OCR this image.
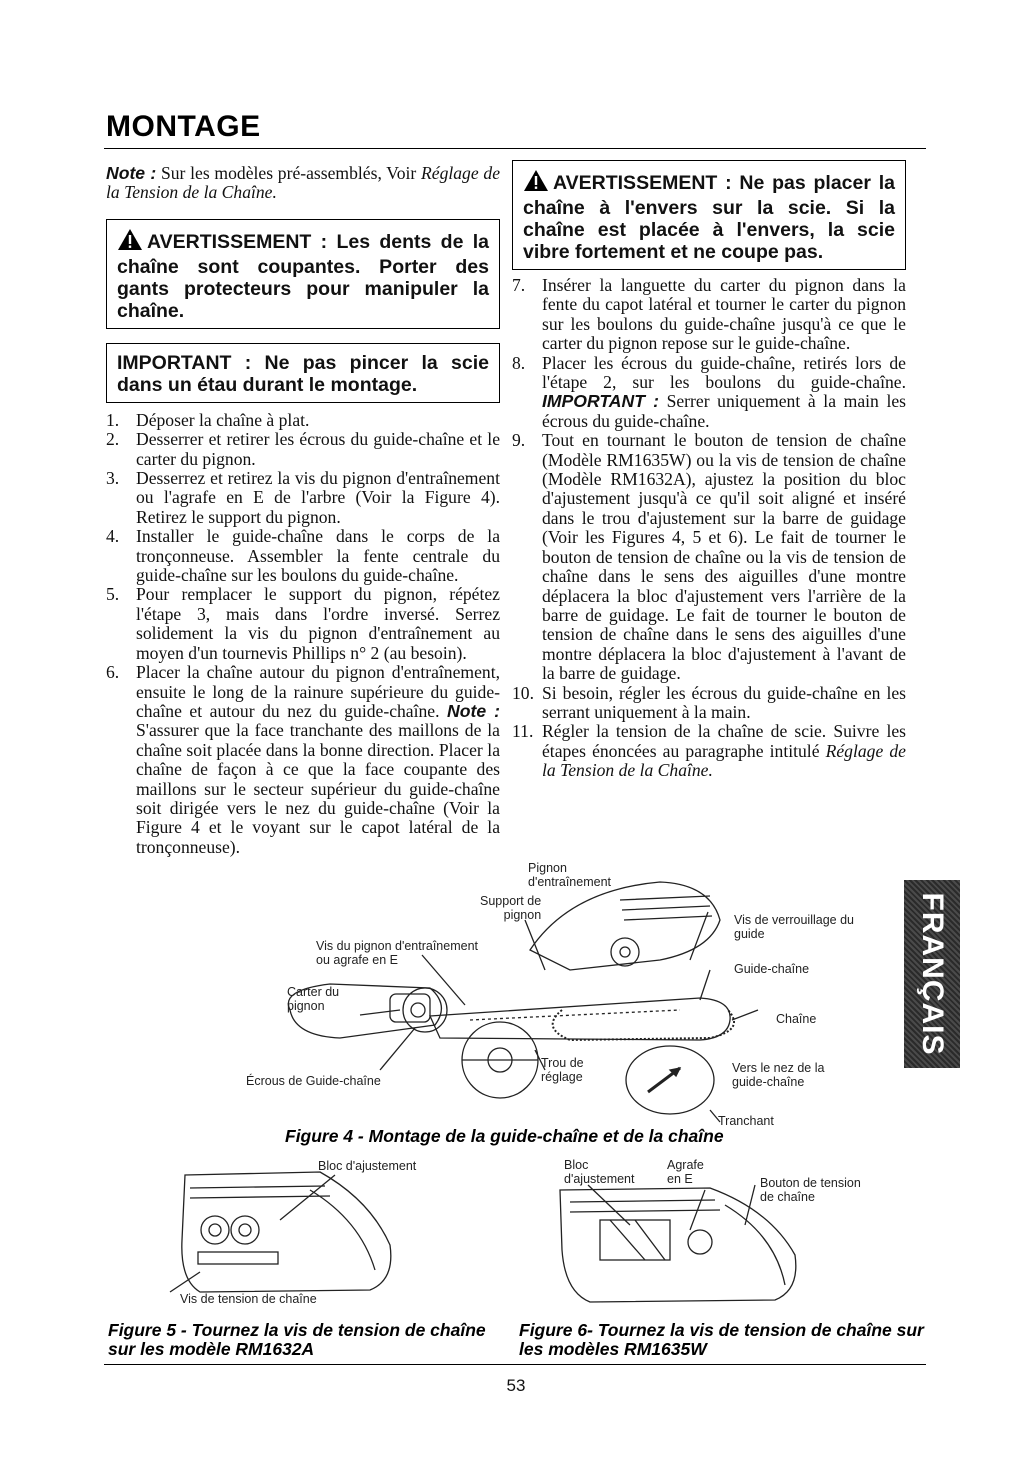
MONTAGE

Note : Sur les modèles pré-assemblés, Voir Réglage de la Tension de la Chaîne.

AVERTISSEMENT : Les dents de la chaîne sont coupantes. Porter des gants protecteurs pour manipuler la chaîne.
IMPORTANT : Ne pas pincer la scie dans un étau durant le montage.
1. Déposer la chaîne à plat.
2. Desserrer et retirer les écrous du guide-chaîne et le carter du pignon.
3. Desserrez et retirez la vis du pignon d'entraînement ou l'agrafe en E de l'arbre (Voir la Figure 4). Retirez le support du pignon.
4. Installer le guide-chaîne dans le corps de la tronçonneuse. Assembler la fente centrale du guide-chaîne sur les boulons du guide-chaîne.
5. Pour remplacer le support du pignon, répétez l'étape 3, mais dans l'ordre inversé. Serrez solidement la vis du pignon d'entraînement au moyen d'un tournevis Phillips n° 2 (au besoin).
6. Placer la chaîne autour du pignon d'entraînement, ensuite le long de la rainure supérieure du guide-chaîne et autour du nez du guide-chaîne. Note : S'assurer que la face tranchante des maillons de la chaîne soit placée dans la bonne direction. Placer la chaîne de façon à ce que la face coupante des maillons sur le secteur supérieur du guide-chaîne soit dirigée vers le nez du guide-chaîne (Voir la Figure 4 et le voyant sur le capot latéral de la tronçonneuse).
AVERTISSEMENT : Ne pas placer la chaîne à l'envers sur la scie. Si la chaîne est placée à l'envers, la scie vibre fortement et ne coupe pas.
7. Insérer la languette du carter du pignon dans la fente du capot latéral et tourner le carter du pignon sur les boulons du guide-chaîne jusqu'à ce que le carter du pignon repose sur le guide-chaîne.
8. Placer les écrous du guide-chaîne, retirés lors de l'étape 2, sur les boulons du guide-chaîne. IMPORTANT : Serrer uniquement à la main les écrous du guide-chaîne.
9. Tout en tournant le bouton de tension de chaîne (Modèle RM1635W) ou la vis de tension de chaîne (Modèle RM1632A), ajustez la position du bloc d'ajustement jusqu'à ce qu'il soit aligné et inséré dans le trou d'ajustement sur la barre de guidage (Voir les Figures 4, 5 et 6). Le fait de tourner le bouton de tension de chaîne ou la vis de tension de chaîne dans le sens des aiguilles d'une montre déplacera la bloc d'ajustement vers l'arrière de la barre de guidage. Le fait de tourner le bouton de tension de chaîne dans le sens des aiguilles d'une montre déplacera la bloc d'ajustement à l'avant de la barre de guidage.
10. Si besoin, régler les écrous du guide-chaîne en les serrant uniquement à la main.
11. Régler la tension de la chaîne de scie. Suivre les étapes énoncées au paragraphe intitulé Réglage de la Tension de la Chaîne.
Pignon
d'entraînement
Support de
pignon
Vis du pignon d'entraînement
ou agrafe en E
Carter du
pignon
Écrous de Guide-chaîne
Trou de
réglage
Vis de verrouillage du
guide
Guide-chaîne
Chaîne
Vers le nez de la
guide-chaîne
Tranchant
Figure 4 - Montage de la guide-chaîne et de la chaîne
Bloc d'ajustement
Vis de tension de chaîne
Figure 5 - Tournez la vis de tension de chaîne
sur les modèle RM1632A
Bloc
d'ajustement
Agrafe
en E	Bouton de tension
de chaîne
Figure 6- Tournez la vis de tension de chaîne sur
les modèles RM1635W
53
FRANÇAIS
